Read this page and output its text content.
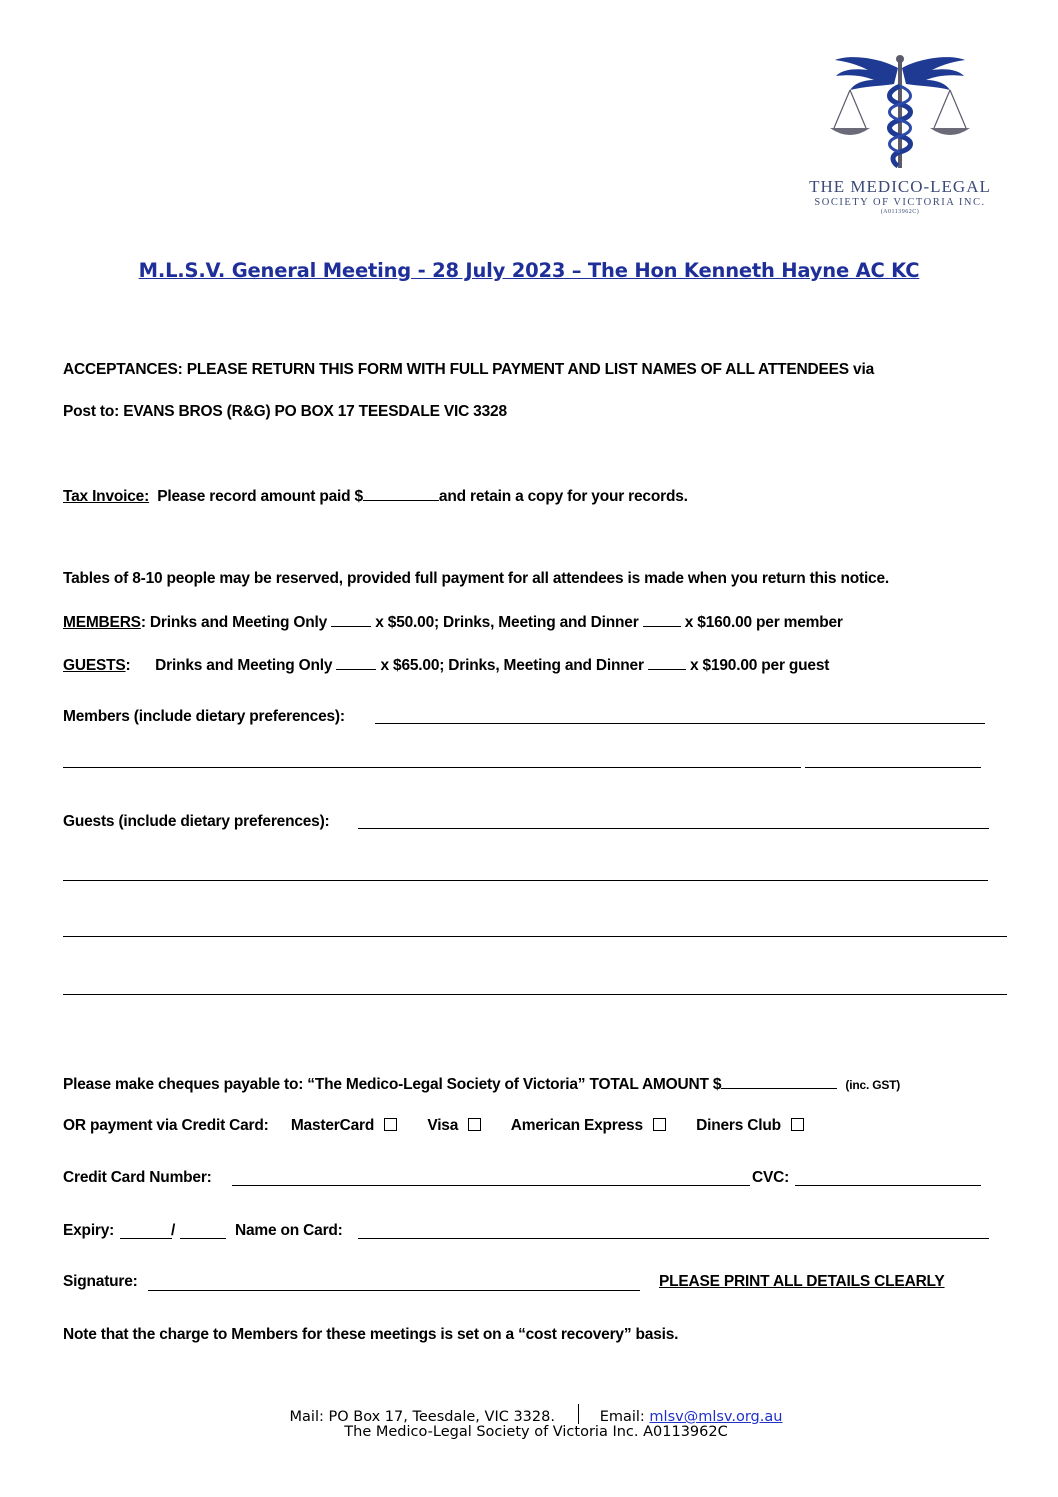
THE MEDICO-LEGAL
SOCIETY OF VICTORIA INC.
(A0113962C)
M.L.S.V. General Meeting - 28 July 2023 – The Hon Kenneth Hayne AC KC
ACCEPTANCES: PLEASE RETURN THIS FORM WITH FULL PAYMENT AND LIST NAMES OF ALL ATTENDEES via
Post to: EVANS BROS (R&G) PO BOX 17 TEESDALE VIC 3328
Tax Invoice: Please record amount paid $	and retain a copy for your records.
Tables of 8-10 people may be reserved, provided full payment for all attendees is made when you return this notice.
MEMBERS: Drinks and Meeting Only	x $50.00; Drinks, Meeting and Dinner	x $160.00 per member
GUESTS: Drinks and Meeting Only	x $65.00; Drinks, Meeting and Dinner	x $190.00 per guest
Members (include dietary preferences):
Guests (include dietary preferences):
Please make cheques payable to: “The Medico-Legal Society of Victoria” TOTAL AMOUNT $	(inc. GST)
OR payment via Credit Card: MasterCard	Visa	American Express	Diners Club
Credit Card Number:	CVC:
Expiry:	/	Name on Card:
Signature:	PLEASE PRINT ALL DETAILS CLEARLY
Note that the charge to Members for these meetings is set on a “cost recovery” basis.
Mail: PO Box 17, Teesdale, VIC 3328.	Email: mlsv@mlsv.org.au
The Medico-Legal Society of Victoria Inc. A0113962C
